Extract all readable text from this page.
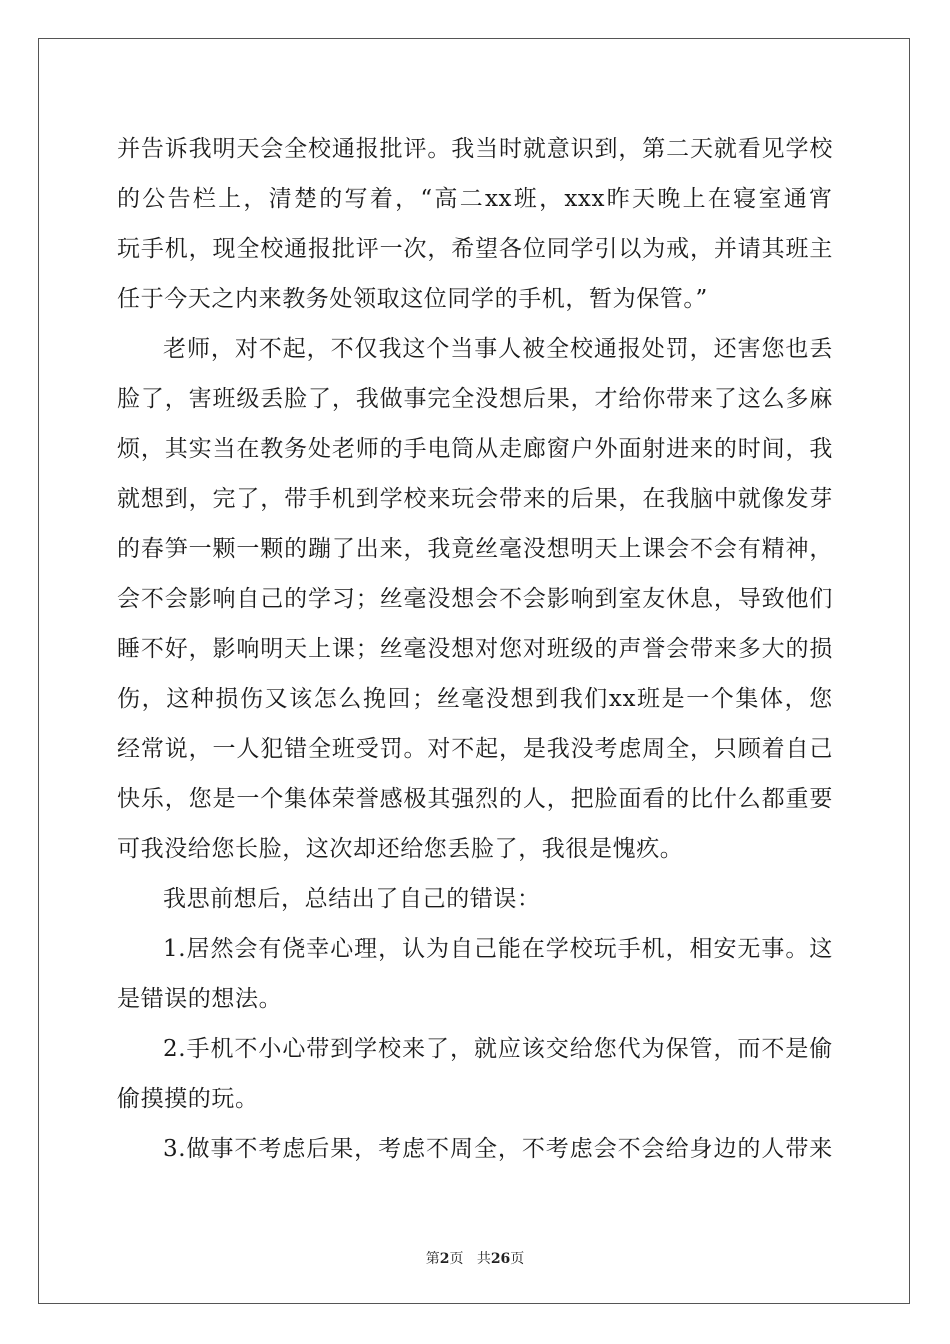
并 告 诉 我 明 天 会 全 校 通 报 批 评 。 我 当 时 就 意 识 到 ， 第 二 天 就 看 见 学 校
的 公 告 栏 上 ， 清 楚 的 写 着 ， “ 高 二 xx 班 ， xxx 昨 天 晚 上 在 寝 室 通 宵
玩 手 机 ， 现 全 校 通 报 批 评 一 次 ， 希 望 各 位 同 学 引 以 为 戒 ， 并 请 其 班 主
任于今天之内来教务处领取这位同学的手机，暂为保管。”
老 师 ， 对 不 起 ， 不 仅 我 这 个 当 事 人 被 全 校 通 报 处 罚 ， 还 害 您 也 丢
脸 了 ， 害 班 级 丢 脸 了 ， 我 做 事 完 全 没 想 后 果 ， 才 给 你 带 来 了 这 么 多 麻
烦 ， 其 实 当 在 教 务 处 老 师 的 手 电 筒 从 走 廊 窗 户 外 面 射 进 来 的 时 间 ， 我
就 想 到 ， 完 了 ， 带 手 机 到 学 校 来 玩 会 带 来 的 后 果 ， 在 我 脑 中 就 像 发 芽
的 春 笋 一 颗 一 颗 的 蹦 了 出 来 ， 我 竟 丝 毫 没 想 明 天 上 课 会 不 会 有 精 神 ，
会 不 会 影 响 自 己 的 学 习 ； 丝 毫 没 想 会 不 会 影 响 到 室 友 休 息 ， 导 致 他 们
睡 不 好 ， 影 响 明 天 上 课 ； 丝 毫 没 想 对 您 对 班 级 的 声 誉 会 带 来 多 大 的 损
伤 ， 这 种 损 伤 又 该 怎 么 挽 回 ； 丝 毫 没 想 到 我 们 xx 班 是 一 个 集 体 ， 您
经 常 说 ， 一 人 犯 错 全 班 受 罚 。 对 不 起 ， 是 我 没 考 虑 周 全 ， 只 顾 着 自 己
快 乐 ， 您 是 一 个 集 体 荣 誉 感 极 其 强 烈 的 人 ， 把 脸 面 看 的 比 什 么 都 重 要
可我没给您长脸，这次却还给您丢脸了，我很是愧疚。
我思前想后，总结出了自己的错误：
1. 居 然 会 有 侥 幸 心 理 ， 认 为 自 己 能 在 学 校 玩 手 机 ， 相 安 无 事 。 这
是错误的想法。
2. 手 机 不 小 心 带 到 学 校 来 了 ， 就 应 该 交 给 您 代 为 保 管 ， 而 不 是 偷
偷摸摸的玩。
3. 做 事 不 考 虑 后 果 ， 考 虑 不 周 全 ， 不 考 虑 会 不 会 给 身 边 的 人 带 来
第2页 共26页
